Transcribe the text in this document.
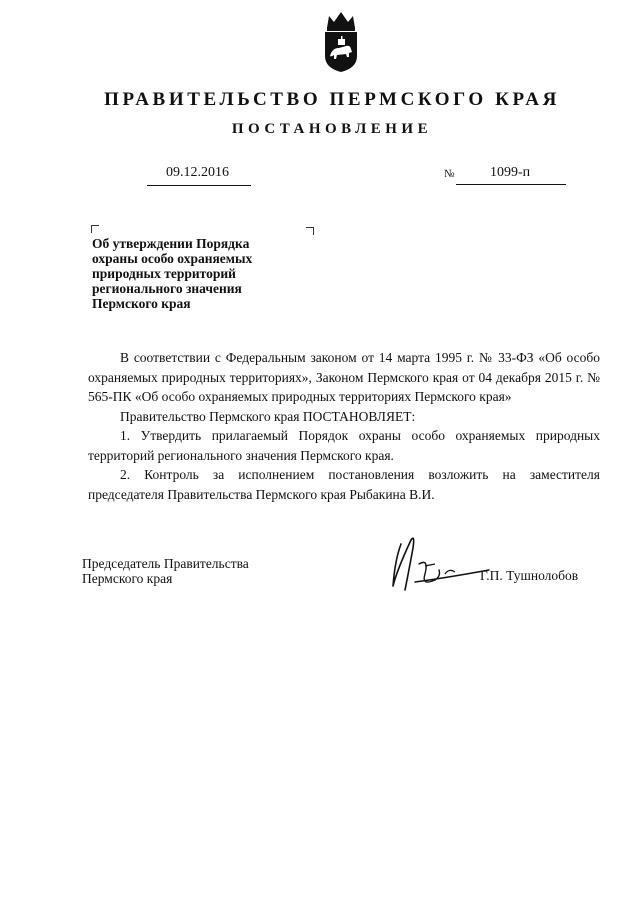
ПРАВИТЕЛЬСТВО ПЕРМСКОГО КРАЯ
ПОСТАНОВЛЕНИЕ
09.12.2016	№	1099-п
Об утверждении Порядка
охраны особо охраняемых
природных территорий
регионального значения
Пермского края

В соответствии с Федеральным законом от 14 марта 1995 г. № 33-ФЗ «Об особо охраняемых природных территориях», Законом Пермского края от 04 декабря 2015 г. № 565-ПК «Об особо охраняемых природных территориях Пермского края»

Правительство Пермского края ПОСТАНОВЛЯЕТ:

1. Утвердить прилагаемый Порядок охраны особо охраняемых природных территорий регионального значения Пермского края.

2. Контроль за исполнением постановления возложить на заместителя председателя Правительства Пермского края Рыбакина В.И.

Председатель Правительства
Пермского края	Г.П. Тушнолобов
